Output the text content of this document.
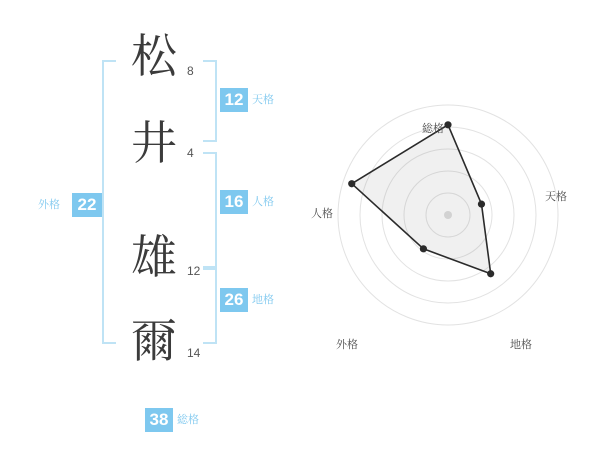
外格	22
松 8
12 天格
井 4
16 人格
雄 12
26 地格
爾 14
38 総格
総格
天格
地格
外格
人格
